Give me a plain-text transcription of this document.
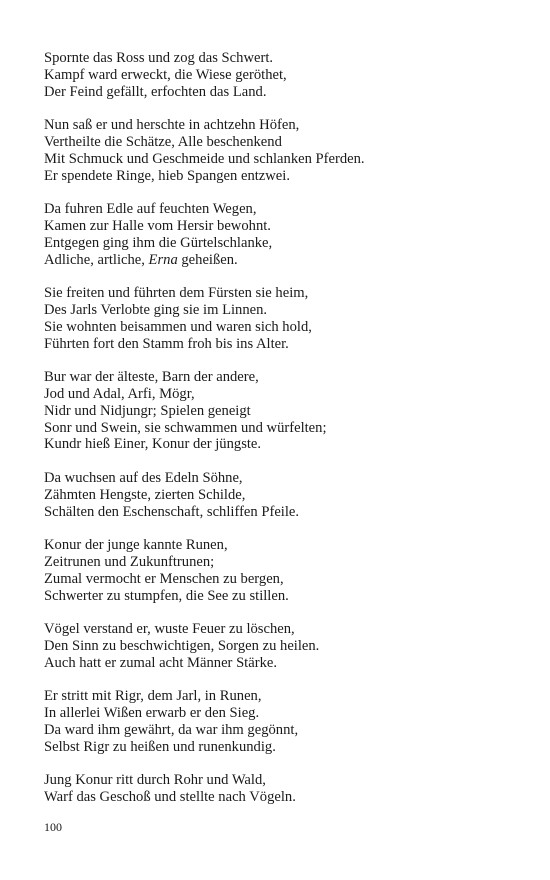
Spornte das Ross und zog das Schwert.
Kampf ward erweckt, die Wiese geröthet,
Der Feind gefällt, erfochten das Land.
Nun saß er und herschte in achtzehn Höfen,
Vertheilte die Schätze, Alle beschenkend
Mit Schmuck und Geschmeide und schlanken Pferden.
Er spendete Ringe, hieb Spangen entzwei.
Da fuhren Edle auf feuchten Wegen,
Kamen zur Halle vom Hersir bewohnt.
Entgegen ging ihm die Gürtelschlanke,
Adliche, artliche, Erna geheißen.
Sie freiten und führten dem Fürsten sie heim,
Des Jarls Verlobte ging sie im Linnen.
Sie wohnten beisammen und waren sich hold,
Führten fort den Stamm froh bis ins Alter.
Bur war der älteste, Barn der andere,
Jod und Adal, Arfi, Mögr,
Nidr und Nidjungr; Spielen geneigt
Sonr und Swein, sie schwammen und würfelten;
Kundr hieß Einer, Konur der jüngste.
Da wuchsen auf des Edeln Söhne,
Zähmten Hengste, zierten Schilde,
Schälten den Eschenschaft, schliffen Pfeile.
Konur der junge kannte Runen,
Zeitrunen und Zukunftrunen;
Zumal vermocht er Menschen zu bergen,
Schwerter zu stumpfen, die See zu stillen.
Vögel verstand er, wuste Feuer zu löschen,
Den Sinn zu beschwichtigen, Sorgen zu heilen.
Auch hatt er zumal acht Männer Stärke.
Er stritt mit Rigr, dem Jarl, in Runen,
In allerlei Wißen erwarb er den Sieg.
Da ward ihm gewährt, da war ihm gegönnt,
Selbst Rigr zu heißen und runenkundig.
Jung Konur ritt durch Rohr und Wald,
Warf das Geschoß und stellte nach Vögeln.
100
